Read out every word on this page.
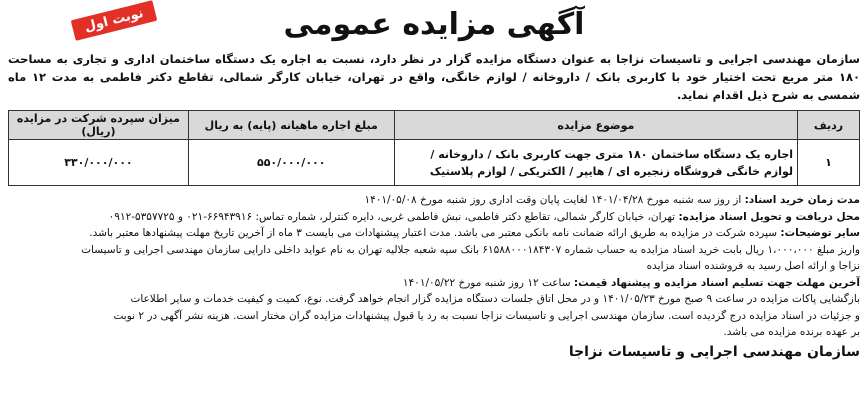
آگهی مزایده عمومی
نوبت اول
سازمان مهندسی اجرایی و تاسیسات نزاجا به عنوان دستگاه مزایده گزار در نظر دارد، نسبت به اجاره یک دستگاه ساختمان اداری و تجاری به مساحت ۱۸۰ متر مربع تحت اختیار خود با کاربری بانک / داروخانه / لوازم خانگی، واقع در تهران، خیابان کارگر شمالی، تقاطع دکتر فاطمی به مدت ۱۲ ماه شمسی به شرح ذیل اقدام نماید.
ردیف	موضوع مزایده	مبلغ اجاره ماهیانه (پایه) به ریال	میزان سپرده شرکت در مزایده (ریال)
۱	اجاره یک دستگاه ساختمان ۱۸۰ متری جهت کاربری بانک / داروخانه / لوازم خانگی فروشگاه زنجیره ای / هایپر / الکتریکی / لوازم پلاستیک	۵۵۰/۰۰۰/۰۰۰	۳۳۰/۰۰۰/۰۰۰

مدت زمان خرید اسناد: از روز سه شنبه مورخ ۱۴۰۱/۰۴/۲۸ لغایت پایان وقت اداری روز شنبه مورخ ۱۴۰۱/۰۵/۰۸

محل دریافت و تحویل اسناد مزایده: تهران، خیابان کارگر شمالی، تقاطع دکتر فاطمی، نبش فاطمی غربی، دایره کنترلر، شماره تماس: ۶۶۹۴۳۹۱۶-۰۲۱ و ۵۳۵۷۷۲۵-۰۹۱۲

سایر توضیحات: سپرده شرکت در مزایده به طریق ارائه ضمانت نامه بانکی معتبر می باشد. مدت اعتبار پیشنهادات می بایست ۳ ماه از آخرین تاریخ مهلت پیشنهادها معتبر باشد.

واریز مبلغ ۱،۰۰۰،۰۰۰ ریال بابت خرید اسناد مزایده به حساب شماره ۶۱۵۸۸۰۰۰۱۸۴۳۰۷ بانک سپه شعبه جلالیه تهران به نام عواید داخلی دارایی سازمان مهندسی اجرایی و تاسیسات

نزاجا و ارائه اصل رسید به فروشنده اسناد مزایده

آخرین مهلت جهت تسلیم اسناد مزایده و پیشنهاد قیمت: ساعت ۱۲ روز شنبه مورخ ۱۴۰۱/۰۵/۲۲

بازگشایی پاکات مزایده در ساعت ۹ صبح مورخ ۱۴۰۱/۰۵/۲۳ و در محل اتاق جلسات دستگاه مزایده گزار انجام خواهد گرفت. نوع، کمیت و کیفیت خدمات و سایر اطلاعات

و جزئیات در اسناد مزایده درج گردیده است. سازمان مهندسی اجرایی و تاسیسات نزاجا نسبت به رد یا قبول پیشنهادات مزایده گران مختار است. هزینه نشر آگهی در ۲ نوبت

بر عهده برنده مزایده می باشد.

سازمان مهندسی اجرایی و تاسیسات نزاجا
